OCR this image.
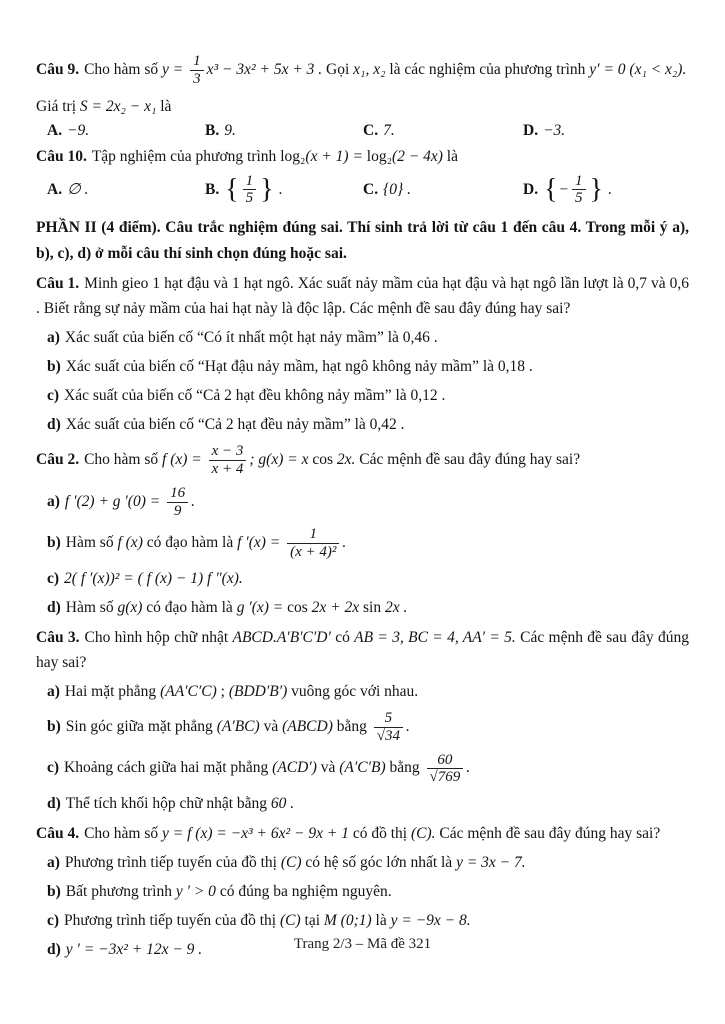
Câu 9. Cho hàm số $y = \frac{1}{3} x^3 - 3x^2 + 5x + 3$ . Gọi x₁, x₂ là các nghiệm của phương trình y′ = 0 (x₁ < x₂).

Giá trị S = 2x₂ − x₁ là

A. −9.	B. 9.	C. 7.	D. −3.

Câu 10. Tập nghiệm của phương trình log₂(x + 1) = log₂(2 − 4x) là

A. ∅ .	B. { $\frac{1}{5}$ } .	C. {0} .	D. {− $\frac{1}{5}$ } .

PHẦN II (4 điểm). Câu trắc nghiệm đúng sai. Thí sinh trả lời từ câu 1 đến câu 4. Trong mỗi ý a), b), c), d) ở mỗi câu thí sinh chọn đúng hoặc sai.

Câu 1. Minh gieo 1 hạt đậu và 1 hạt ngô. Xác suất nảy mầm của hạt đậu và hạt ngô lần lượt là 0,7 và 0,6 . Biết rằng sự nảy mầm của hai hạt này là độc lập. Các mệnh đề sau đây đúng hay sai?

a) Xác suất của biến cố “Có ít nhất một hạt nảy mầm” là 0,46 .

b) Xác suất của biến cố “Hạt đậu nảy mầm, hạt ngô không nảy mầm” là 0,18 .

c) Xác suất của biến cố “Cả 2 hạt đều không nảy mầm” là 0,12 .

d) Xác suất của biến cố “Cả 2 hạt đều nảy mầm” là 0,42 .

Câu 2. Cho hàm số f $(x) = \frac{x - 3}{x + 4}$ ; g(x) = x cos 2x. Các mệnh đề sau đây đúng hay sai?

a) f ′(2) + g $'(0) = \frac{16}{9}$ .

b) Hàm số f (x) có đạo hàm là f $'(x) = \frac{1}{\text{(x + 4)²}}$ .

c) 2( f ′(x))² = ( f (x) − 1) f ″(x).

d) Hàm số g(x) có đạo hàm là g ′(x) = cos 2x + 2x sin 2x .

Câu 3. Cho hình hộp chữ nhật ABCD.A′B′C′D′ có AB = 3, BC = 4, AA′ = 5. Các mệnh đề sau đây đúng hay sai?

a) Hai mặt phẳng (AA′C′C) ; (BDD′B′) vuông góc với nhau.

b) Sin góc giữa mặt phẳng (A′BC) và (ABCD) bằng $\frac{5}{√34}$ .

c) Khoảng cách giữa hai mặt phẳng (ACD′) và (A′C′B) bằng $\frac{60}{√769}$ .

d) Thể tích khối hộp chữ nhật bằng 60 .

Câu 4. Cho hàm số y = f (x) = −x³ + 6x² − 9x + 1 có đồ thị (C). Các mệnh đề sau đây đúng hay sai?

a) Phương trình tiếp tuyến của đồ thị (C) có hệ số góc lớn nhất là y = 3x − 7.

b) Bất phương trình y ′ > 0 có đúng ba nghiệm nguyên.

c) Phương trình tiếp tuyến của đồ thị (C) tại M (0;1) là y = −9x − 8.

d) y ′ = −3x² + 12x − 9 .	Trang 2/3 – Mã đề 321
